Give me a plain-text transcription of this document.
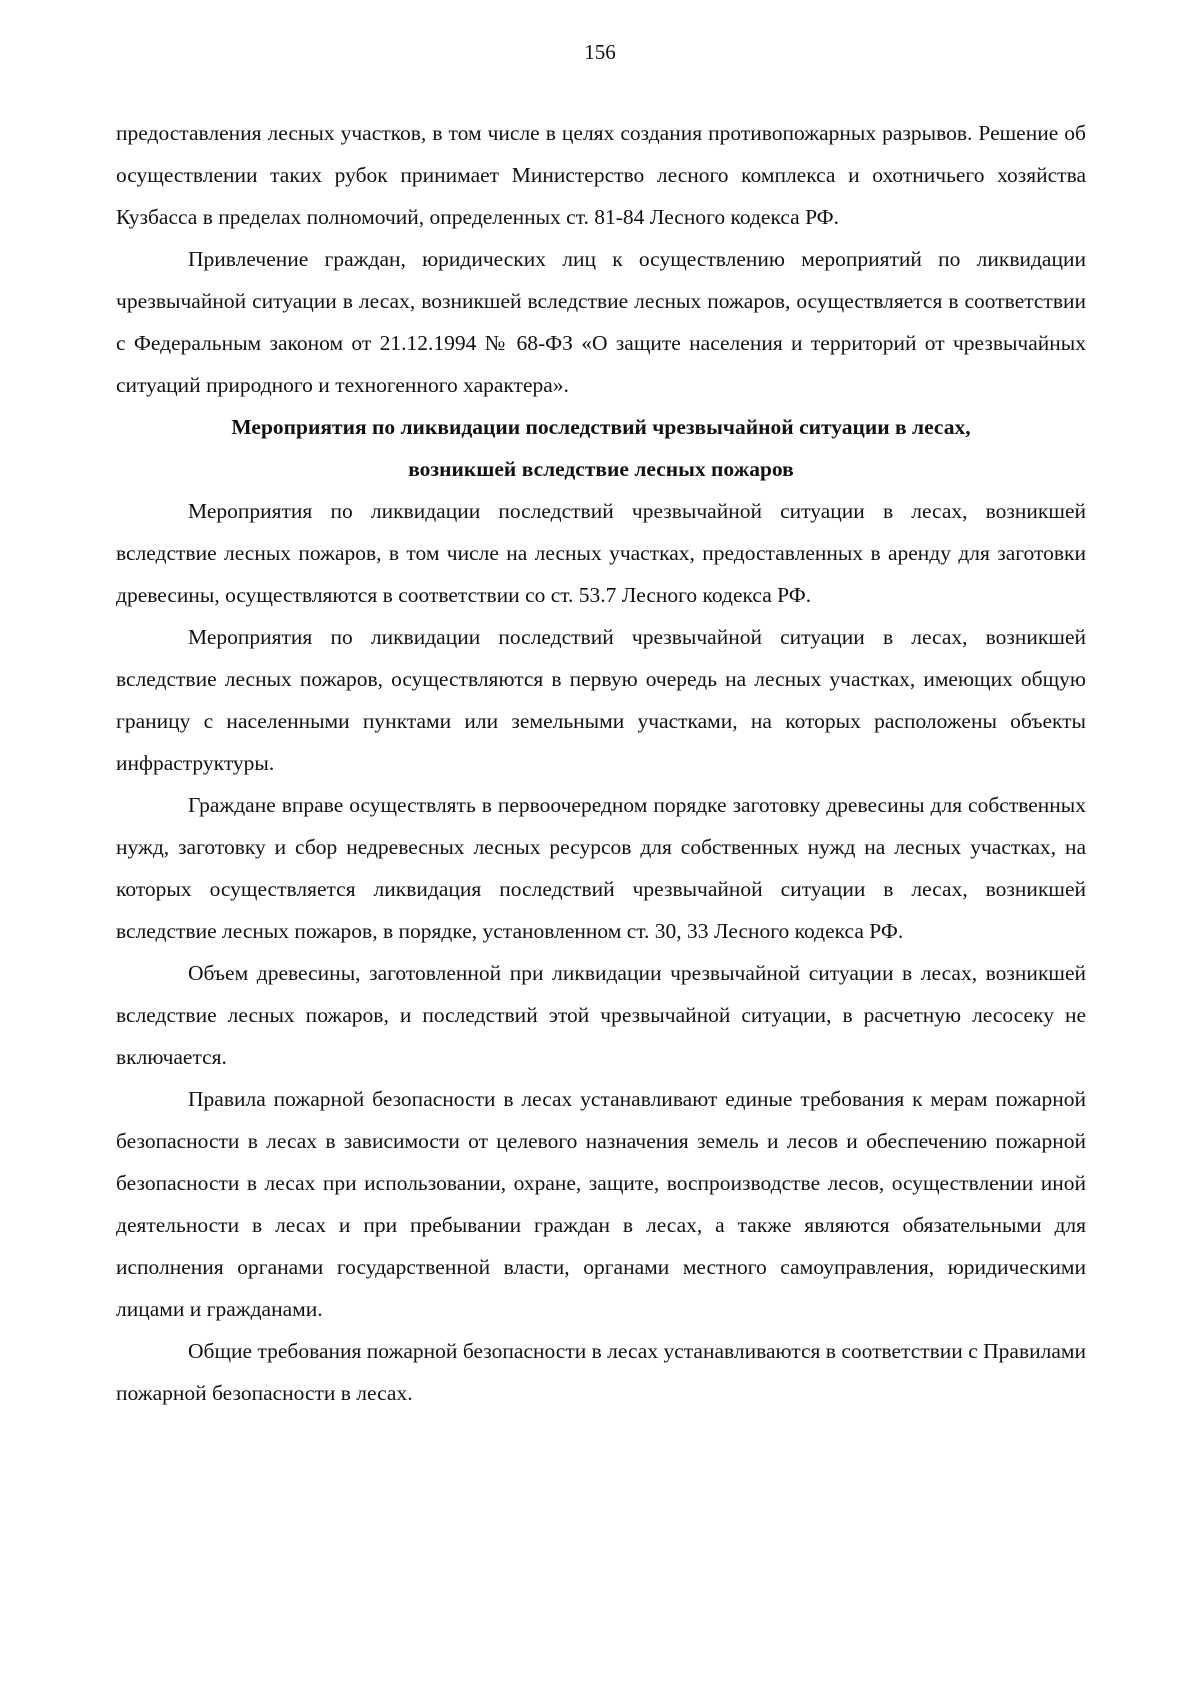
156

предоставления лесных участков, в том числе в целях создания противопожарных разрывов. Решение об осуществлении таких рубок принимает Министерство лесного комплекса и охотничьего хозяйства Кузбасса в пределах полномочий, определенных ст. 81-84 Лесного кодекса РФ.

Привлечение граждан, юридических лиц к осуществлению мероприятий по ликвидации чрезвычайной ситуации в лесах, возникшей вследствие лесных пожаров, осуществляется в соответствии с Федеральным законом от 21.12.1994 № 68-ФЗ «О защите населения и территорий от чрезвычайных ситуаций природного и техногенного характера».

Мероприятия по ликвидации последствий чрезвычайной ситуации в лесах,
возникшей вследствие лесных пожаров

Мероприятия по ликвидации последствий чрезвычайной ситуации в лесах, возникшей вследствие лесных пожаров, в том числе на лесных участках, предоставленных в аренду для заготовки древесины, осуществляются в соответствии со ст. 53.7 Лесного кодекса РФ.

Мероприятия по ликвидации последствий чрезвычайной ситуации в лесах, возникшей вследствие лесных пожаров, осуществляются в первую очередь на лесных участках, имеющих общую границу с населенными пунктами или земельными участками, на которых расположены объекты инфраструктуры.

Граждане вправе осуществлять в первоочередном порядке заготовку древесины для собственных нужд, заготовку и сбор недревесных лесных ресурсов для собственных нужд на лесных участках, на которых осуществляется ликвидация последствий чрезвычайной ситуации в лесах, возникшей вследствие лесных пожаров, в порядке, установленном ст. 30, 33 Лесного кодекса РФ.

Объем древесины, заготовленной при ликвидации чрезвычайной ситуации в лесах, возникшей вследствие лесных пожаров, и последствий этой чрезвычайной ситуации, в расчетную лесосеку не включается.

Правила пожарной безопасности в лесах устанавливают единые требования к мерам пожарной безопасности в лесах в зависимости от целевого назначения земель и лесов и обеспечению пожарной безопасности в лесах при использовании, охране, защите, воспроизводстве лесов, осуществлении иной деятельности в лесах и при пребывании граждан в лесах, а также являются обязательными для исполнения органами государственной власти, органами местного самоуправления, юридическими лицами и гражданами.

Общие требования пожарной безопасности в лесах устанавливаются в соответствии с Правилами пожарной безопасности в лесах.
